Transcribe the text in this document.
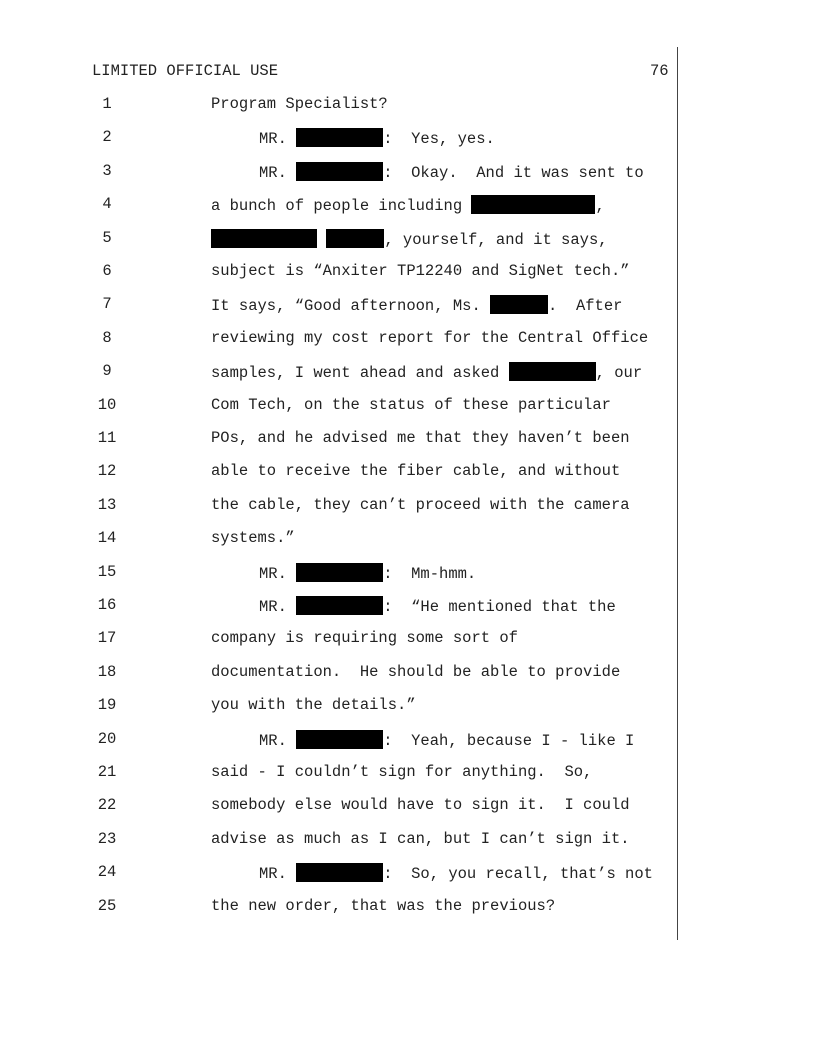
LIMITED OFFICIAL USE	76
1	Program Specialist?
2	MR.	:  Yes, yes.
3	MR.	:  Okay.  And it was sent to
4	a bunch of people including	,
5	, yourself, and it says,
6	subject is “Anxiter TP12240 and SigNet tech.”
7	It says, “Good afternoon, Ms.	.  After
8	reviewing my cost report for the Central Office
9	samples, I went ahead and asked	, our
10	Com Tech, on the status of these particular
11	POs, and he advised me that they haven’t been
12	able to receive the fiber cable, and without
13	the cable, they can’t proceed with the camera
14	systems.”
15	MR.	:  Mm-hmm.
16	MR.	:  “He mentioned that the
17	company is requiring some sort of
18	documentation.  He should be able to provide
19	you with the details.”
20	MR.	:  Yeah, because I - like I
21	said - I couldn’t sign for anything.  So,
22	somebody else would have to sign it.  I could
23	advise as much as I can, but I can’t sign it.
24	MR.	:  So, you recall, that’s not
25	the new order, that was the previous?
